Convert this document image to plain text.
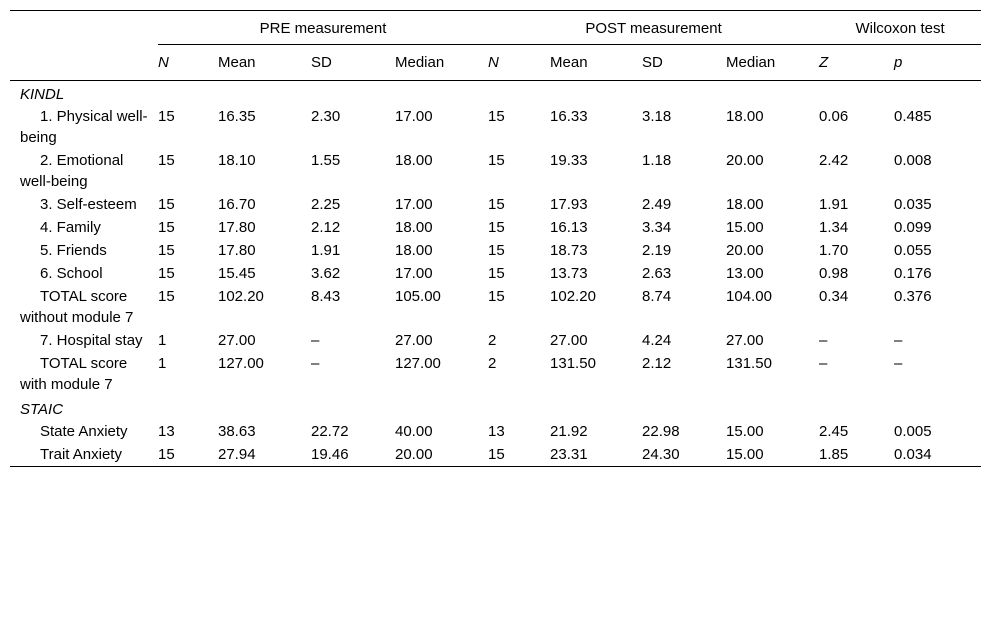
	PRE measurement				POST measurement				Wilcoxon test	
	N	Mean	SD	Median	N	Mean	SD	Median	Z	p
KINDL										

1. Physical well-being	15	16.35	2.30	17.00	15	16.33	3.18	18.00	0.06	0.485

2. Emotional well-being	15	18.10	1.55	18.00	15	19.33	1.18	20.00	2.42	0.008

3. Self-esteem	15	16.70	2.25	17.00	15	17.93	2.49	18.00	1.91	0.035

4. Family	15	17.80	2.12	18.00	15	16.13	3.34	15.00	1.34	0.099

5. Friends	15	17.80	1.91	18.00	15	18.73	2.19	20.00	1.70	0.055

6. School	15	15.45	3.62	17.00	15	13.73	2.63	13.00	0.98	0.176

TOTAL score without module 7	15	102.20	8.43	105.00	15	102.20	8.74	104.00	0.34	0.376

7. Hospital stay	1	27.00	–	27.00	2	27.00	4.24	27.00	–	–

TOTAL score with module 7	1	127.00	–	127.00	2	131.50	2.12	131.50	–	–
STAIC										

State Anxiety	13	38.63	22.72	40.00	13	21.92	22.98	15.00	2.45	0.005

Trait Anxiety	15	27.94	19.46	20.00	15	23.31	24.30	15.00	1.85	0.034
